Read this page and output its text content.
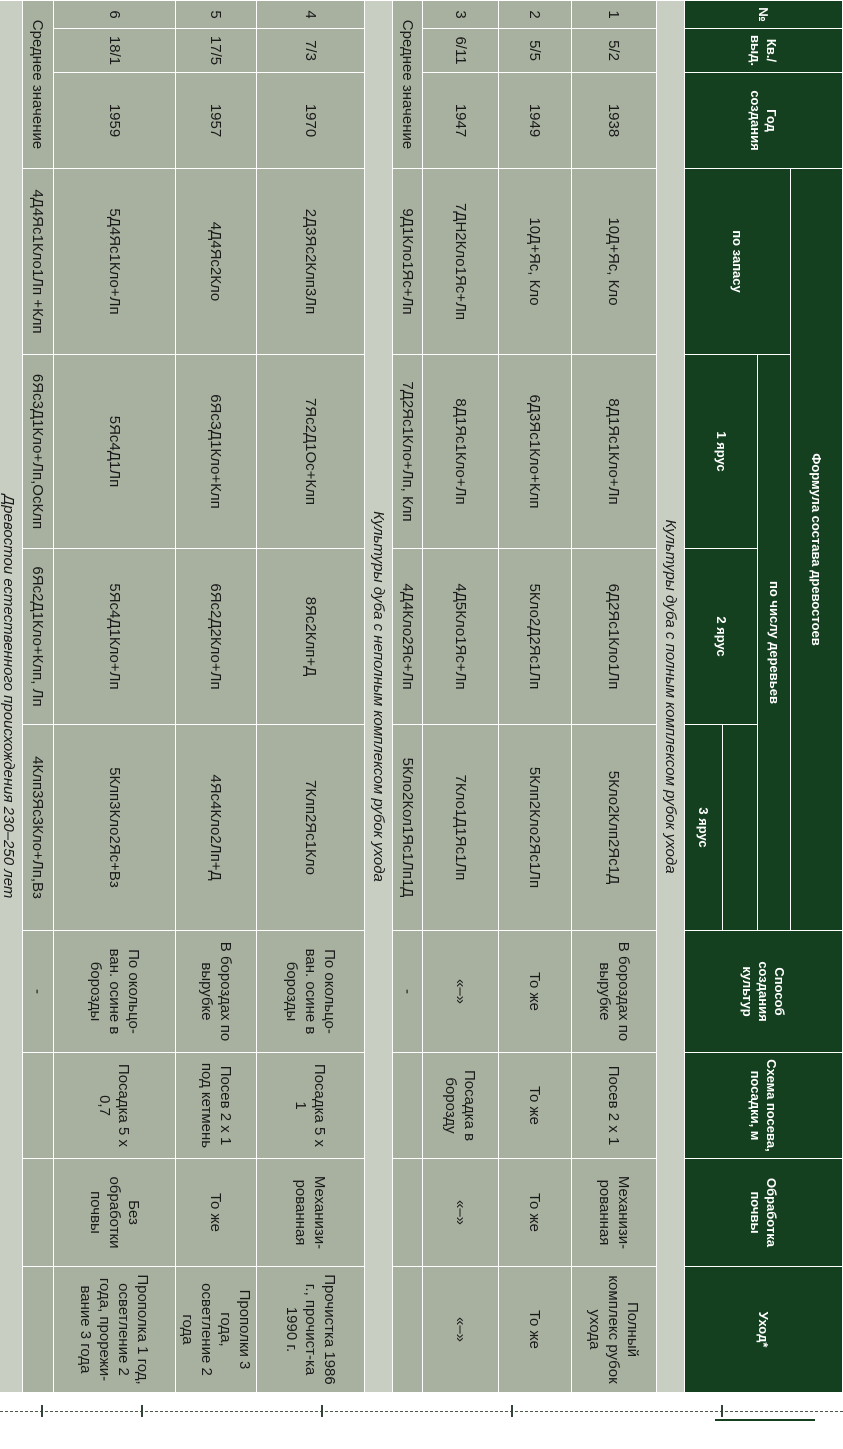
№	Кв./ выд.	Год создания	Формула состава древостоев				Способ создания культур	Схема посева, посадки, м	Обработка почвы	Уход*
			по запасу	по числу деревьев						
				1 ярус	2 ярус					
						3 ярус				
Культуры дуба с полным комплексом рубок ухода										
1	5/2	1938	10Д+Яс, Кло	8Д1Яс1Кло+Лп	6Д2Яс1Кло1Лп	5Кло2Клп2Яс1Д	В бороздах по вырубке	Посев 2 х 1	Механизи-рованная	Полный комплекс рубок ухода
2	5/5	1949	10Д+Яс, Кло	6Д3Яс1Кло+Клп	5Кло2Д2Яс1Лп	5Клп2Кло2Яс1Лп	То же	То же	То же	То же
3	6/11	1947	7ДН2Кло1Яс+Лп	8Д1Яс1Кло+Лп	4Д5Кло1Яс+Лп	7Кло1Д1Яс1Лп	«–»	Посадка в борозду	«–»	«–»
Среднее значение			9Д1Кло1Яс+Лп	7Д2Яс1Кло+Лп, Клп	4Д4Кло2Яс+Лп	5Кло2Кол1Яс1Лп1Д	-			
Культуры дуба с неполным комплексом рубок ухода										
4	7/3	1970	2Д3Яс2Клп3Лп	7Яс2Д1Ос+Клп	8Яс2Клп+Д	7Клп2Яс1Кло	По окольцо-ван. осине в борозды	Посадка 5 х 1	Механизи-рованная	Прочистка 1986 г., прочист-ка 1990 г.
5	17/5	1957	4Д4Яс2Кло	6ЯсЗД1Кло+Клп	6Яс2Д2Кло+Лп	4Яс4Кло2Лп+Д	В бороздах по вырубке	Посев 2 х 1 под кетмень	То же	Прополки 3 года, осветление 2 года
6	18/1	1959	5Д4Яс1Кло+Лп	5Яс4Д1Лп	5Яс4Д1Кло+Лп	5Клп3Кло2Яс+Вз	По окольцо-ван. осине в борозды	Посадка 5 х 0,7	Без обработки почвы	Прополка 1 год, осветление 2 года, прорежи-вание 3 года
Среднее значение			4Д4Яс1Кло1Лп +Клп	6Яс3Д1Кло+Лп,ОсКлп	6Яс2Д1Кло+Клп, Лп	4Клп3Яс3Кло+Лп,Вз	-			
Древостои естественного происхождения 230–250 лет										
